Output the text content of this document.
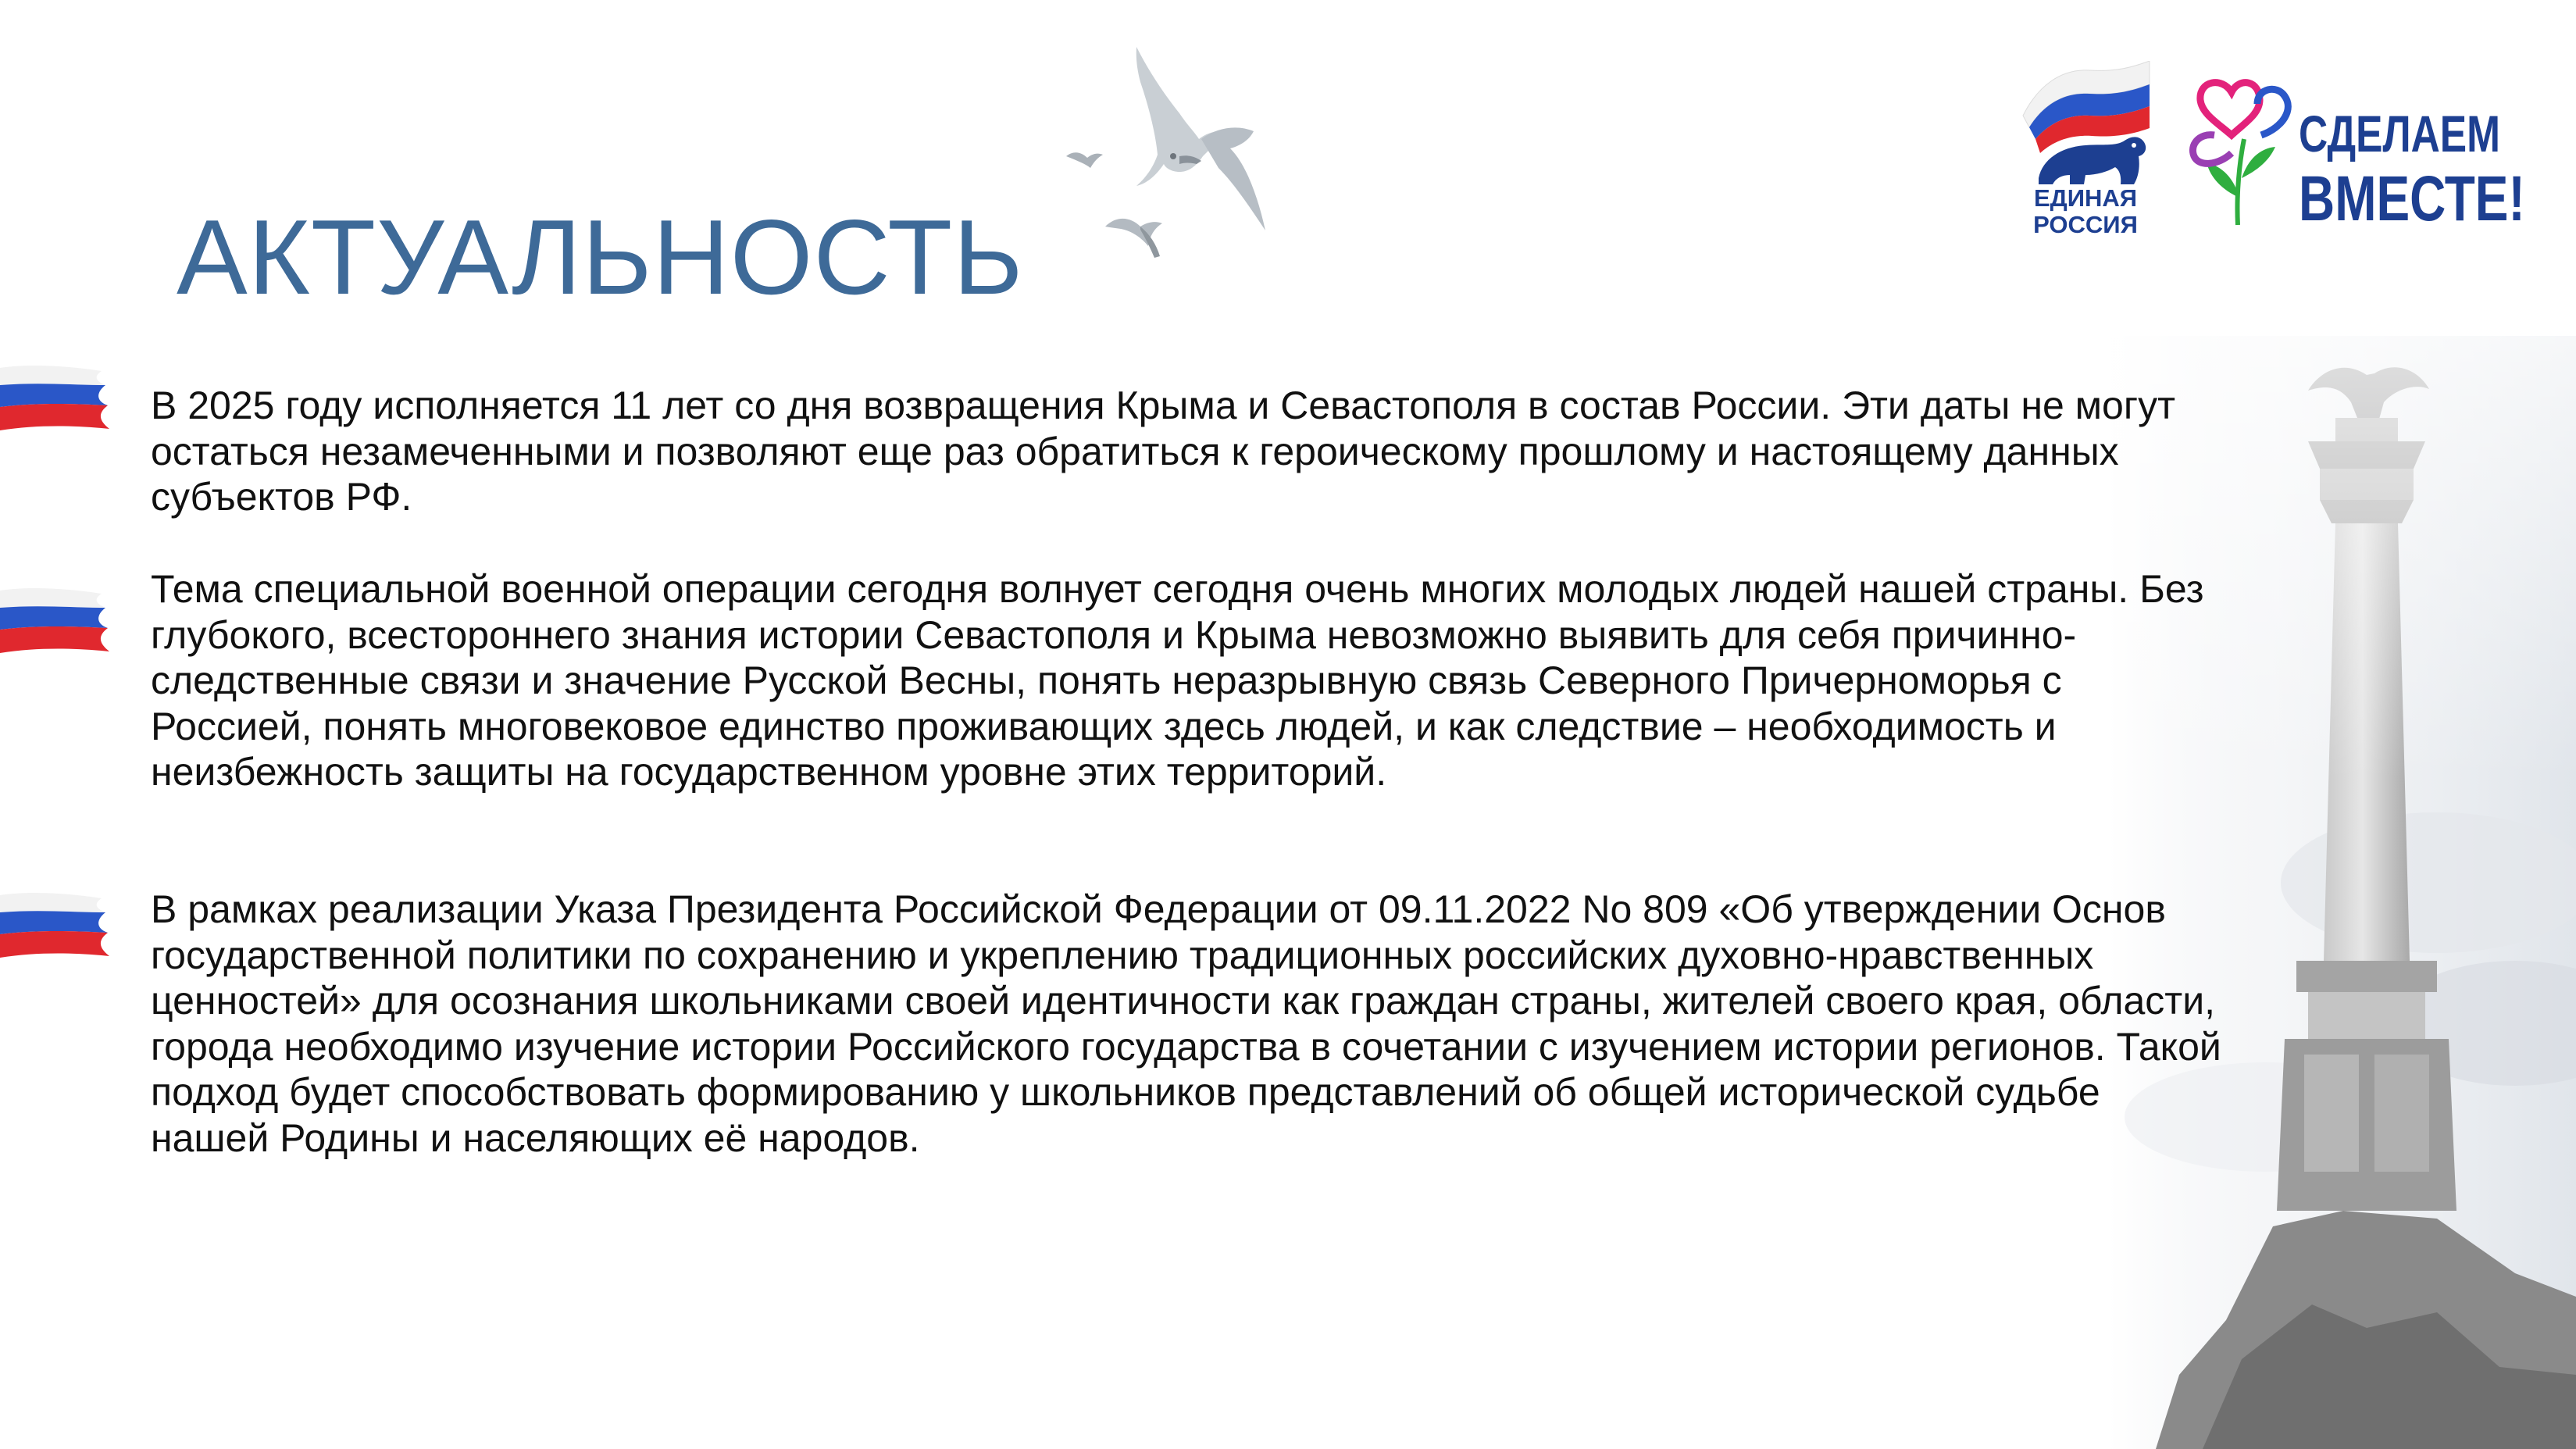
АКТУАЛЬНОСТЬ	ЕДИНАЯ
РОССИЯ
СДЕЛАЕМ
ВМЕСТЕ!

В 2025 году исполняется 11 лет со дня возвращения Крыма и Севастополя в состав России. Эти даты не могут остаться незамеченными и позволяют еще раз обратиться к героическому прошлому и настоящему данных субъектов РФ.

Тема специальной военной операции сегодня волнует сегодня очень многих молодых людей нашей страны. Без глубокого, всестороннего знания истории Севастополя и Крыма невозможно выявить для себя причинно-следственные связи и значение Русской Весны, понять неразрывную связь Северного Причерноморья с Россией, понять многовековое единство проживающих здесь людей, и как следствие – необходимость и неизбежность защиты на государственном уровне этих территорий.

В рамках реализации Указа Президента Российской Федерации от 09.11.2022 No 809 «Об утверждении Основ государственной политики по сохранению и укреплению традиционных российских духовно-нравственных ценностей» для осознания школьниками своей идентичности как граждан страны, жителей своего края, области, города необходимо изучение истории Российского государства в сочетании с изучением истории регионов. Такой подход будет способствовать формированию у школьников представлений об общей исторической судьбе нашей Родины и населяющих её народов.
